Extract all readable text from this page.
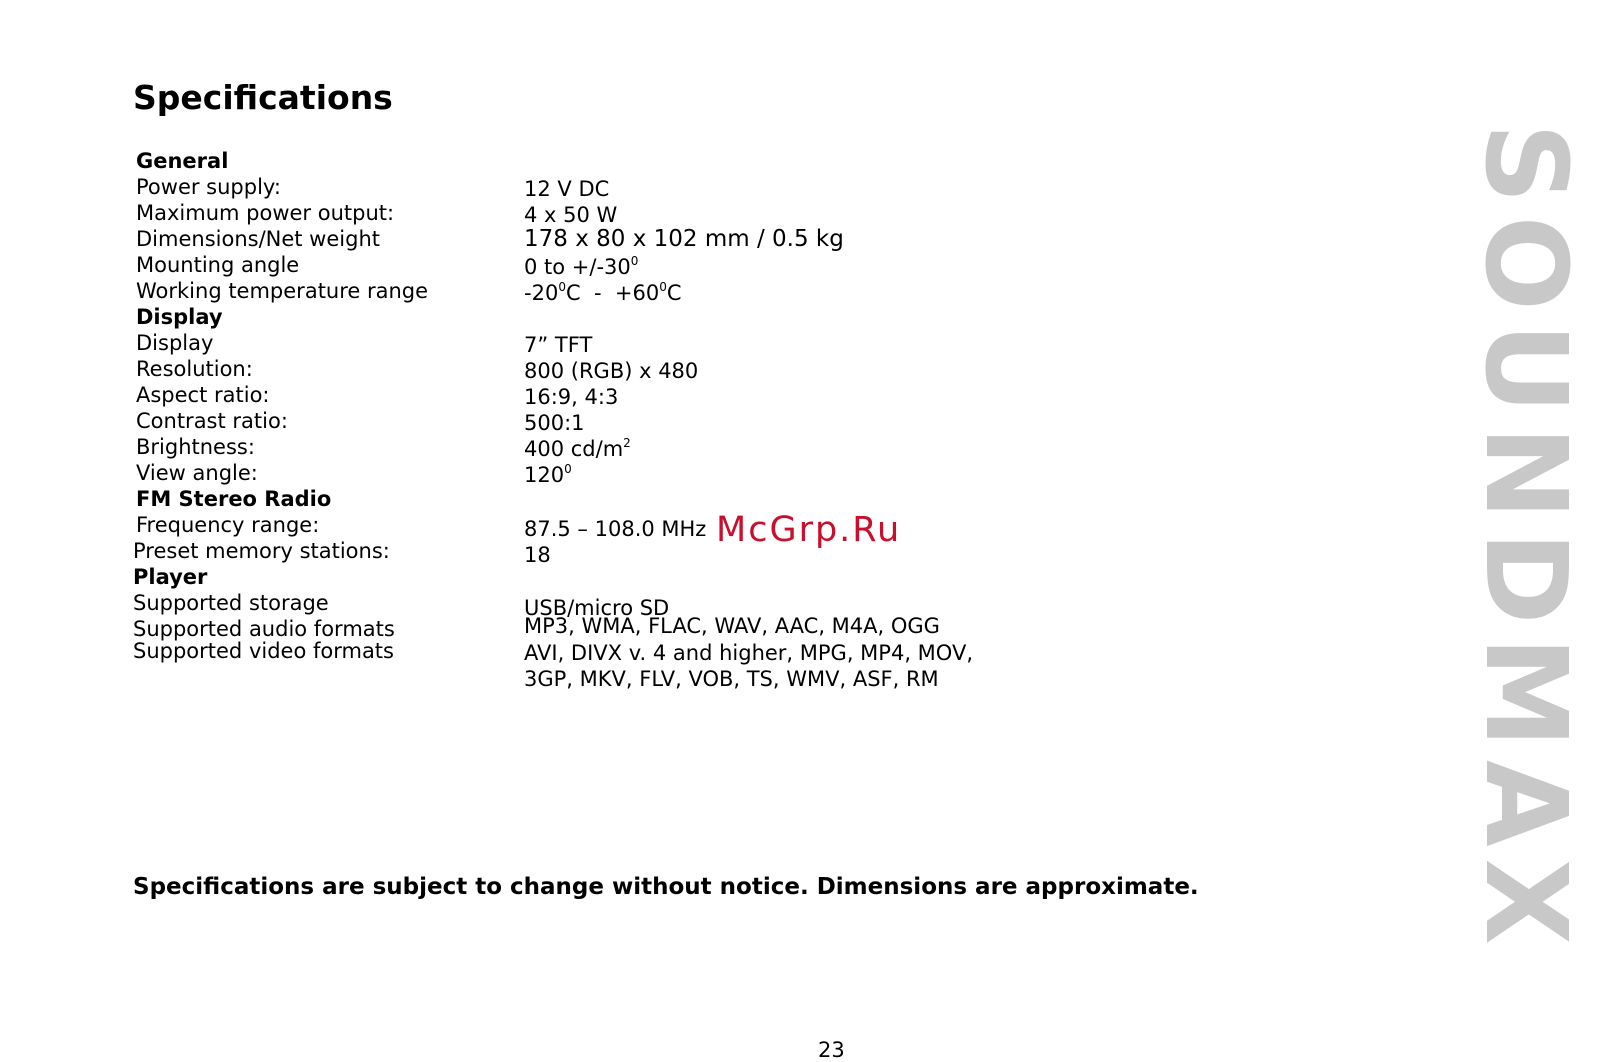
SOUNDMAX
Specifications
General
Power supply:	12 V DC
Maximum power output:	4 x 50 W
Dimensions/Net weight	178 x 80 x 102 mm / 0.5 kg
Mounting angle	0 to $+/-30^0$
Working temperature range	$-20^0C - +60^0C$
Display
Display	7” TFT
Resolution:	800 (RGB) x 480
Aspect ratio:	16:9, 4:3
Contrast ratio:	500:1
Brightness:	400 $cd/m^2$
View angle:	$120^0$
FM Stereo Radio
Frequency range:	87.5 – 108.0 MHz
Preset memory stations:	18
Player
Supported storage	USB/micro SD
Supported audio formats	MP3, WMA, FLAC, WAV, AAC, M4A, OGG
Supported video formats	AVI, DIVX v. 4 and higher, MPG, MP4, MOV,
3GP, MKV, FLV, VOB, TS, WMV, ASF, RM
McGrp.Ru
Specifications are subject to change without notice. Dimensions are approximate.
23
